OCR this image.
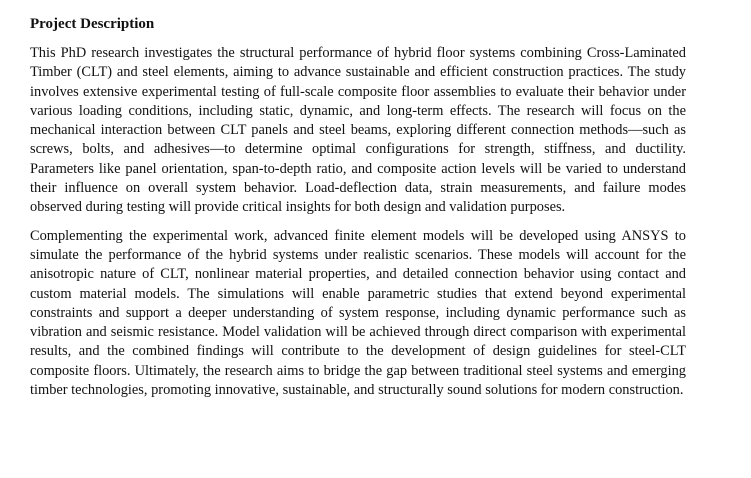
Project Description

This PhD research investigates the structural performance of hybrid floor systems combining Cross-Laminated Timber (CLT) and steel elements, aiming to advance sustainable and efficient construction practices. The study involves extensive experimental testing of full-scale composite floor assemblies to evaluate their behavior under various loading conditions, including static, dynamic, and long-term effects. The research will focus on the mechanical interaction between CLT panels and steel beams, exploring different connection methods—such as screws, bolts, and adhesives—to determine optimal configurations for strength, stiffness, and ductility. Parameters like panel orientation, span-to-depth ratio, and composite action levels will be varied to understand their influence on overall system behavior. Load-deflection data, strain measurements, and failure modes observed during testing will provide critical insights for both design and validation purposes.

Complementing the experimental work, advanced finite element models will be developed using ANSYS to simulate the performance of the hybrid systems under realistic scenarios. These models will account for the anisotropic nature of CLT, nonlinear material properties, and detailed connection behavior using contact and custom material models. The simulations will enable parametric studies that extend beyond experimental constraints and support a deeper understanding of system response, including dynamic performance such as vibration and seismic resistance. Model validation will be achieved through direct comparison with experimental results, and the combined findings will contribute to the development of design guidelines for steel-CLT composite floors. Ultimately, the research aims to bridge the gap between traditional steel systems and emerging timber technologies, promoting innovative, sustainable, and structurally sound solutions for modern construction.
